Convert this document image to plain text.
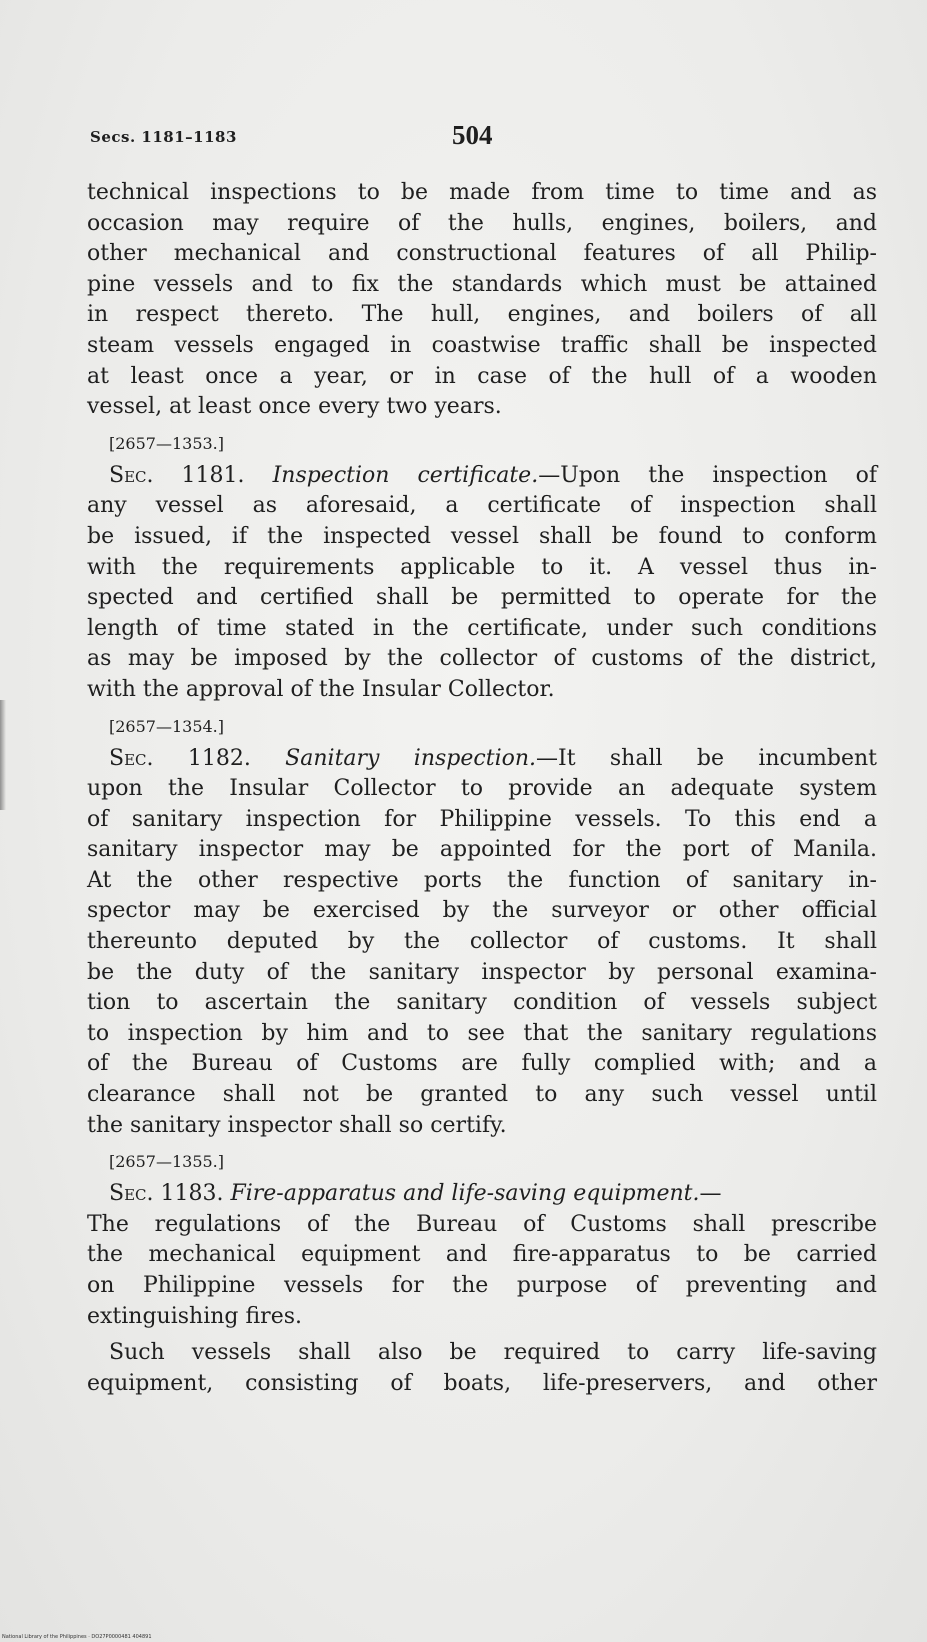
Secs. 1181–1183	504
technical inspections to be made from time to time and as
occasion may require of the hulls, engines, boilers, and
other mechanical and constructional features of all Philip-
pine vessels and to fix the standards which must be attained
in respect thereto. The hull, engines, and boilers of all
steam vessels engaged in coastwise traffic shall be inspected
at least once a year, or in case of the hull of a wooden
vessel, at least once every two years.
[2657—1353.]
Sec. 1181. Inspection certificate.—Upon the inspection of
any vessel as aforesaid, a certificate of inspection shall
be issued, if the inspected vessel shall be found to conform
with the requirements applicable to it. A vessel thus in-
spected and certified shall be permitted to operate for the
length of time stated in the certificate, under such conditions
as may be imposed by the collector of customs of the district,
with the approval of the Insular Collector.
[2657—1354.]
Sec. 1182. Sanitary inspection.—It shall be incumbent
upon the Insular Collector to provide an adequate system
of sanitary inspection for Philippine vessels. To this end a
sanitary inspector may be appointed for the port of Manila.
At the other respective ports the function of sanitary in-
spector may be exercised by the surveyor or other official
thereunto deputed by the collector of customs. It shall
be the duty of the sanitary inspector by personal examina-
tion to ascertain the sanitary condition of vessels subject
to inspection by him and to see that the sanitary regulations
of the Bureau of Customs are fully complied with; and a
clearance shall not be granted to any such vessel until
the sanitary inspector shall so certify.
[2657—1355.]
Sec. 1183. Fire-apparatus and life-saving equipment.—
The regulations of the Bureau of Customs shall prescribe
the mechanical equipment and fire-apparatus to be carried
on Philippine vessels for the purpose of preventing and
extinguishing fires.
Such vessels shall also be required to carry life-saving
equipment, consisting of boats, life-preservers, and other
National Library of the Philippines · DO27P0000481 404891
